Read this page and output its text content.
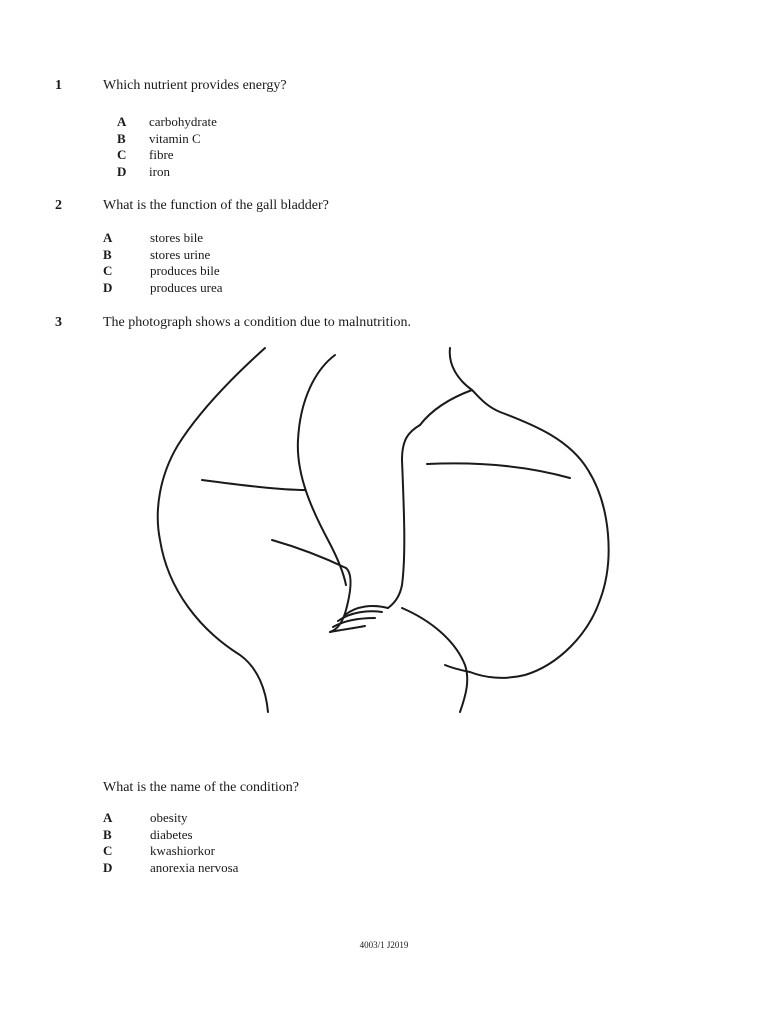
1	Which nutrient provides energy?
A	carbohydrate
B	vitamin C
C	fibre
D	iron
2	What is the function of the gall bladder?
A	stores bile
B	stores urine
C	produces bile
D	produces urea
3	The photograph shows a condition due to malnutrition.
What is the name of the condition?
A	obesity
B	diabetes
C	kwashiorkor
D	anorexia nervosa
4003/1 J2019
